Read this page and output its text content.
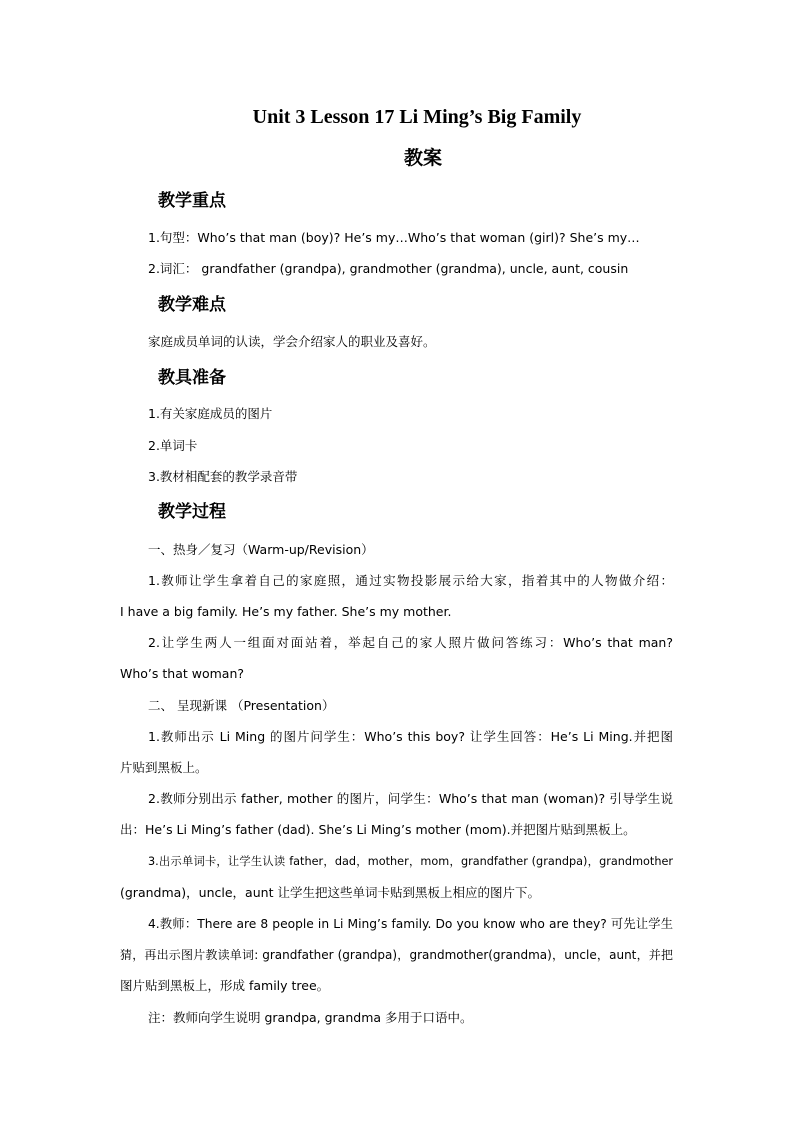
Unit 3 Lesson 17 Li Ming’s Big Family
教案
教学重点
1.句型：Who’s that man (boy)? He’s my…Who’s that woman (girl)? She’s my…
2.词汇： grandfather (grandpa), grandmother (grandma), uncle, aunt, cousin
教学难点
家庭成员单词的认读，学会介绍家人的职业及喜好。
教具准备
1.有关家庭成员的图片
2.单词卡
3.教材相配套的教学录音带
教学过程
一、热身／复习（Warm-up/Revision）
1.教师让学生拿着自己的家庭照，通过实物投影展示给大家，指着其中的人物做介绍：
I have a big family. He’s my father. She’s my mother.
2.让学生两人一组面对面站着，举起自己的家人照片做问答练习：Who’s that man?
Who’s that woman?
二、 呈现新课 （Presentation）
1.教师出示 Li Ming 的图片问学生：Who’s this boy? 让学生回答：He’s Li Ming.并把图
片贴到黑板上。
2.教师分别出示 father, mother 的图片，问学生：Who’s that man (woman)? 引导学生说
出：He’s Li Ming’s father (dad). She’s Li Ming’s mother (mom).并把图片贴到黑板上。
3.出示单词卡，让学生认读 father，dad，mother，mom，grandfather (grandpa)，grandmother
(grandma)，uncle，aunt 让学生把这些单词卡贴到黑板上相应的图片下。
4.教师：There are 8 people in Li Ming’s family. Do you know who are they? 可先让学生
猜，再出示图片教读单词: grandfather (grandpa)，grandmother(grandma)，uncle，aunt，并把
图片贴到黑板上，形成 family tree。
注：教师向学生说明 grandpa, grandma 多用于口语中。
